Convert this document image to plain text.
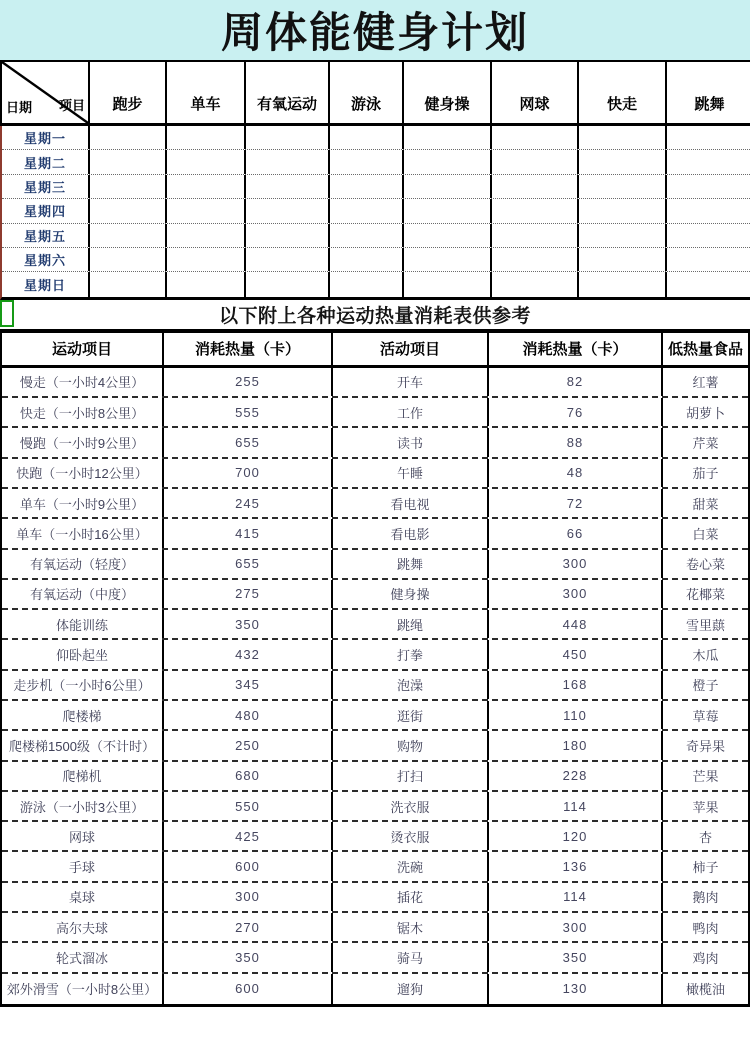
周体能健身计划
日期 项目	跑步	单车	有氧运动	游泳	健身操	网球	快走	跳舞
星期一
星期二
星期三
星期四
星期五
星期六
星期日
以下附上各种运动热量消耗表供参考
运动项目	消耗热量（卡）	活动项目	消耗热量（卡）	低热量食品
慢走（一小时4公里）	255	开车	82	红薯
快走（一小时8公里）	555	工作	76	胡萝卜
慢跑（一小时9公里）	655	读书	88	芹菜
快跑（一小时12公里）	700	午睡	48	茄子
单车（一小时9公里）	245	看电视	72	甜菜
单车（一小时16公里）	415	看电影	66	白菜
有氧运动（轻度）	655	跳舞	300	卷心菜
有氧运动（中度）	275	健身操	300	花椰菜
体能训练	350	跳绳	448	雪里蕻
仰卧起坐	432	打拳	450	木瓜
走步机（一小时6公里）	345	泡澡	168	橙子
爬楼梯	480	逛街	110	草莓
爬楼梯1500级（不计时）	250	购物	180	奇异果
爬梯机	680	打扫	228	芒果
游泳（一小时3公里）	550	洗衣服	114	苹果
网球	425	烫衣服	120	杏
手球	600	洗碗	136	柿子
桌球	300	插花	114	鹅肉
高尔夫球	270	锯木	300	鸭肉
轮式溜冰	350	骑马	350	鸡肉
郊外滑雪（一小时8公里）	600	遛狗	130	橄榄油
